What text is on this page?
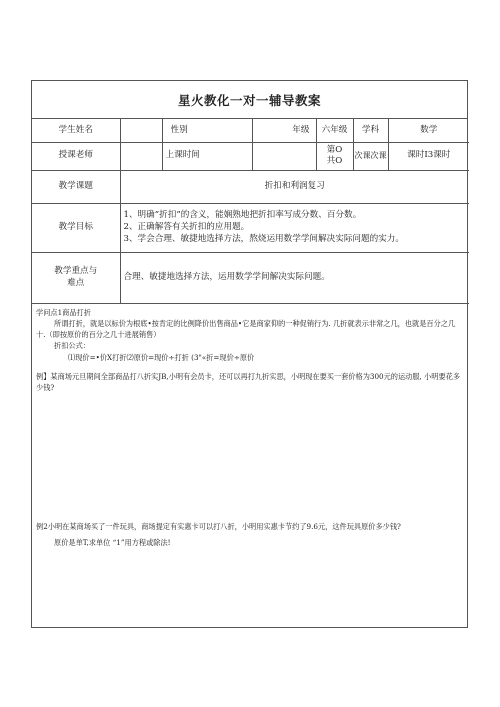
星火教化一对一辅导教案
学生姓名		性别	年级	六年级	学科	数学
授课老师		上课时间		第O
共O	次课次课	课时I3课时
教学课题	折扣和利润复习					
教学目标	1、明确”折扣”的含义，能娴熟地把折扣率写成分数、百分数。
2、正确解答有关折扣的应用题。
3、学会合理、敏捷地选择方法，熬烧运用数学学间解决实际问题的实力。					

教学重点与
难点	合理、敏捷地选择方法，运用数学学间解决实际问题。					

学问点1商品打折

所谓打折，就是以标价为根底•按肯定的比例降价出售商品•它是商家仰的一种促销行为. 几折就表示非常之几，也就是百分之几十.（即按原价的百分之几十进展销售）

折扣公式：

⑴现价=•价X打折⑵原价=现价÷打折 (3"«折=现价÷原价

例】某商场元旦期间全部商品打八折实JB,小明有会员卡，还可以再打九折实思，小明现在要买一套价格为300元的运动服, 小明要花多少钱?

例2小明在某商场买了一件玩具，商场提定有实惠卡可以打八折，小明用实惠卡节约了9.6元，这件玩具原价多少钱?

原价是单T,求单位 “1”用方程或除法!
